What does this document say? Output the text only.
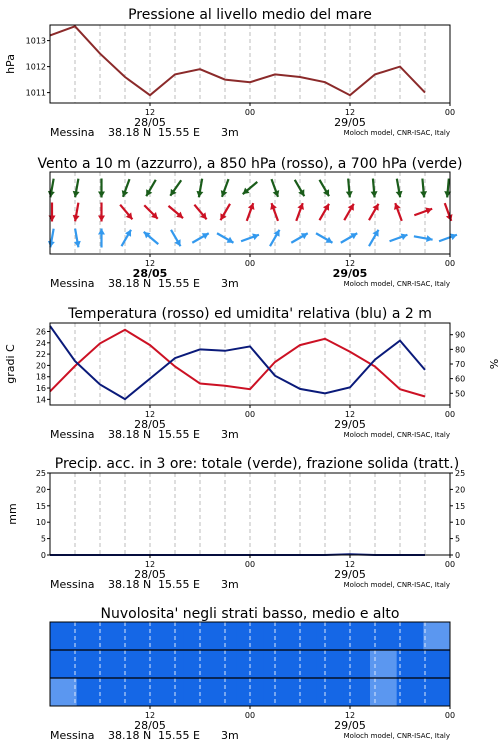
Pressione al livello medio del mare
hPa
1011
1012
1013
12	00	12	00
28/05	29/05
Messina 38.18 N 15.55 E 3m	Moloch model, CNR-ISAC, Italy
Vento a 10 m (azzurro), a 850 hPa (rosso), a 700 hPa (verde)
12	00	12	00
28/05	29/05
Messina 38.18 N 15.55 E 3m	Moloch model, CNR-ISAC, Italy
Temperatura (rosso) ed umidita' relativa (blu) a 2 m
gradi C	%
14
16
18
20
22
24
26
50
60
70
80
90
12	00	12	00
28/05	29/05
Messina 38.18 N 15.55 E 3m	Moloch model, CNR-ISAC, Italy
Precip. acc. in 3 ore: totale (verde), frazione solida (tratt.)
mm
0
5
10
15
20
25
0
5
10
15
20
25
12	00	12	00
28/05	29/05
Messina 38.18 N 15.55 E 3m	Moloch model, CNR-ISAC, Italy
Nuvolosita' negli strati basso, medio e alto
12	00	12	00
28/05	29/05
Messina 38.18 N 15.55 E 3m	Moloch model, CNR-ISAC, Italy
